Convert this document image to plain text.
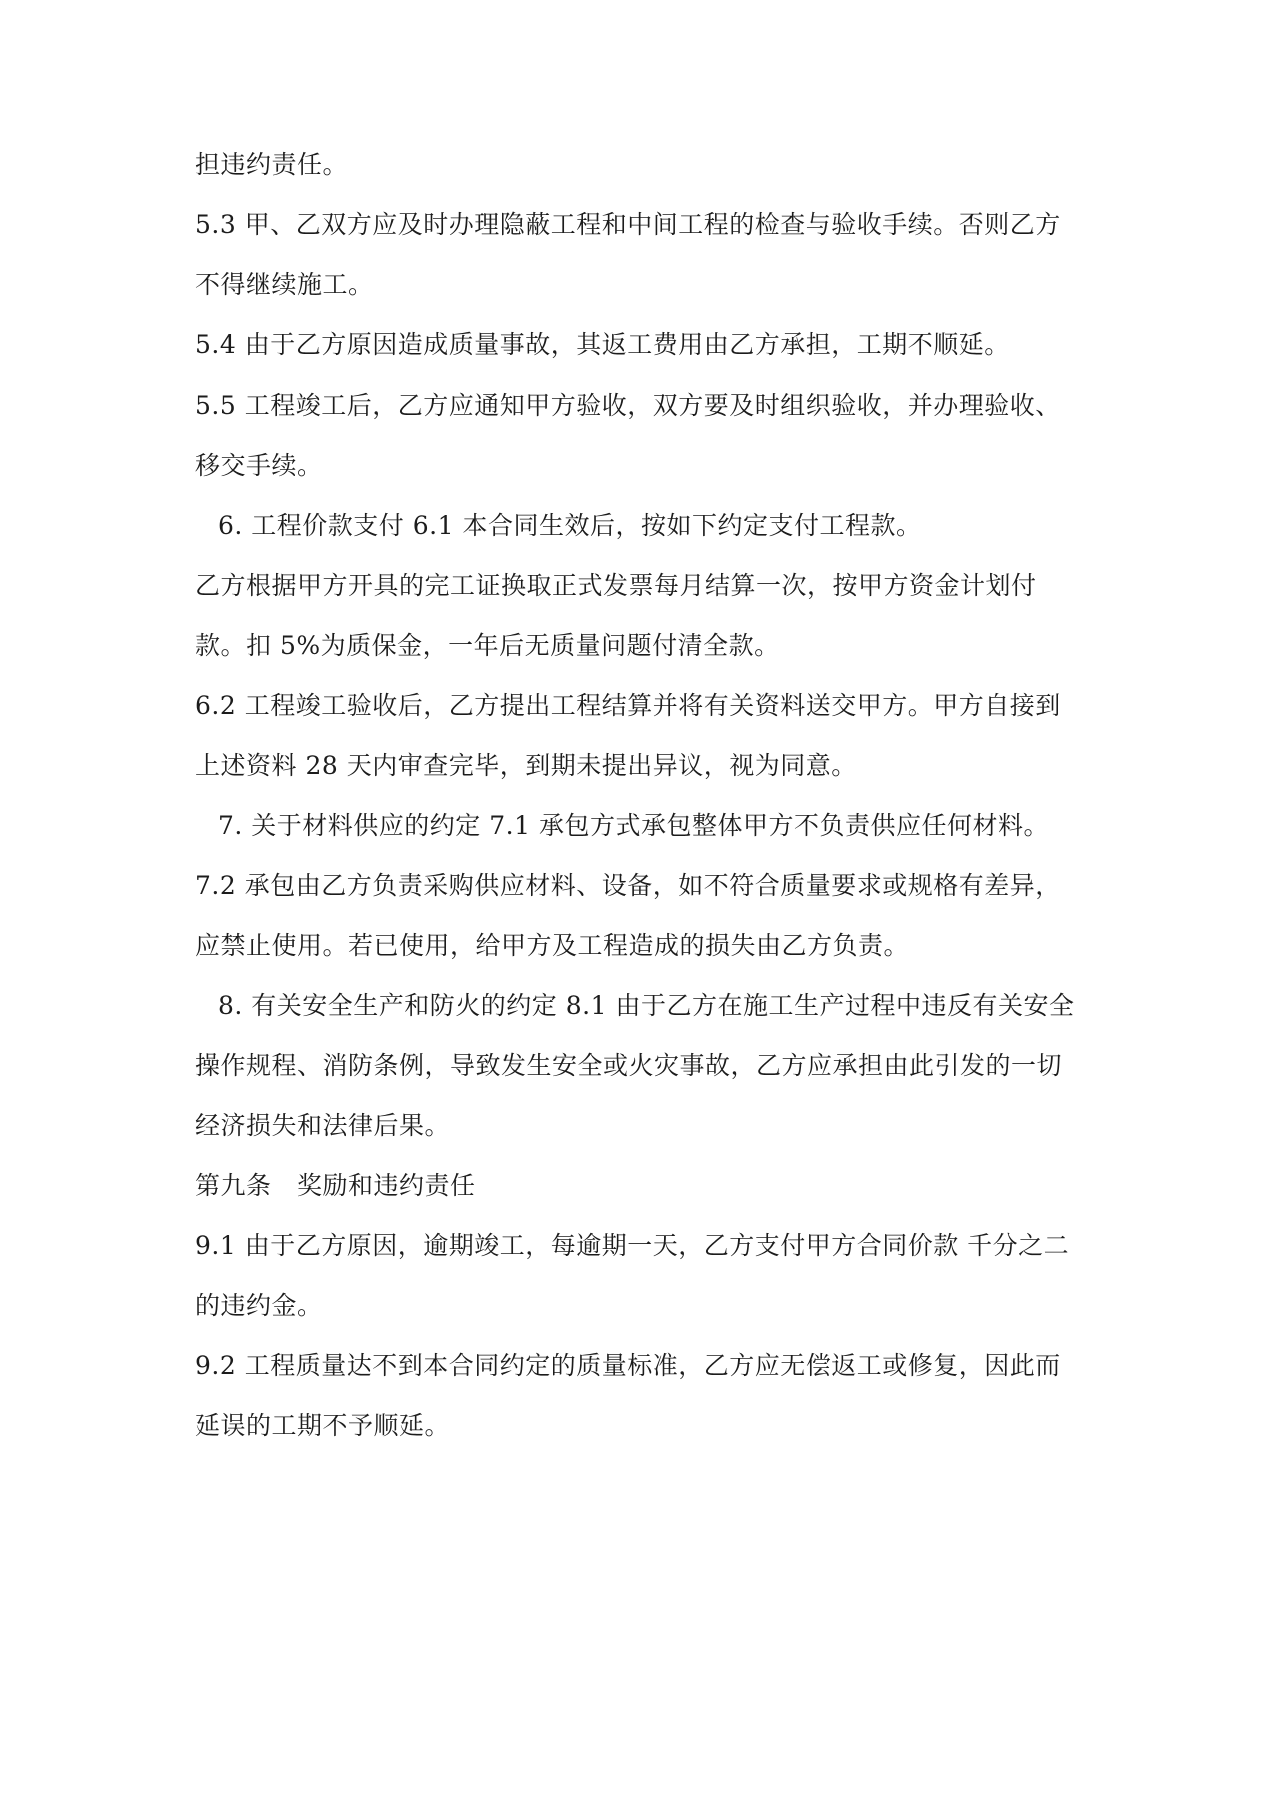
担违约责任。

5.3 甲、乙双方应及时办理隐蔽工程和中间工程的检查与验收手续。否则乙方

不得继续施工。

5.4 由于乙方原因造成质量事故，其返工费用由乙方承担，工期不顺延。

5.5 工程竣工后，乙方应通知甲方验收，双方要及时组织验收，并办理验收、

移交手续。

6. 工程价款支付 6.1 本合同生效后，按如下约定支付工程款。

乙方根据甲方开具的完工证换取正式发票每月结算一次，按甲方资金计划付

款。扣 5%为质保金，一年后无质量问题付清全款。

6.2 工程竣工验收后，乙方提出工程结算并将有关资料送交甲方。甲方自接到

上述资料 28 天内审查完毕，到期未提出异议，视为同意。

7. 关于材料供应的约定 7.1 承包方式承包整体甲方不负责供应任何材料。

7.2 承包由乙方负责采购供应材料、设备，如不符合质量要求或规格有差异，

应禁止使用。若已使用，给甲方及工程造成的损失由乙方负责。

8. 有关安全生产和防火的约定 8.1 由于乙方在施工生产过程中违反有关安全

操作规程、消防条例，导致发生安全或火灾事故，乙方应承担由此引发的一切

经济损失和法律后果。

第九条　奖励和违约责任

9.1 由于乙方原因，逾期竣工，每逾期一天，乙方支付甲方合同价款 千分之二

的违约金。

9.2 工程质量达不到本合同约定的质量标准，乙方应无偿返工或修复，因此而

延误的工期不予顺延。
